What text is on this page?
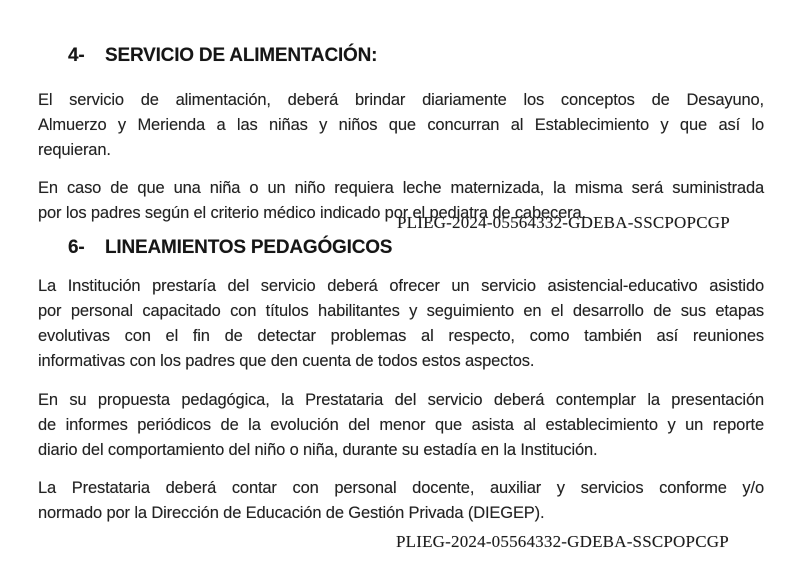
4-	SERVICIO DE ALIMENTACIÓN:
El servicio de alimentación, deberá brindar diariamente los conceptos de Desayuno,
Almuerzo y Merienda a las niñas y niños que concurran al Establecimiento y que así lo
requieran.
En caso de que una niña o un niño requiera leche maternizada, la misma será suministrada
por los padres según el criterio médico indicado por el pediatra de cabecera.
6-	LINEAMIENTOS PEDAGÓGICOS
La Institución prestaría del servicio deberá ofrecer un servicio asistencial-educativo asistido
por personal capacitado con títulos habilitantes y seguimiento en el desarrollo de sus etapas
evolutivas con el fin de detectar problemas al respecto, como también así reuniones
informativas con los padres que den cuenta de todos estos aspectos.
En su propuesta pedagógica, la Prestataria del servicio deberá contemplar la presentación
de informes periódicos de la evolución del menor que asista al establecimiento y un reporte
diario del comportamiento del niño o niña, durante su estadía en la Institución.
La Prestataria deberá contar con personal docente, auxiliar y servicios conforme y/o
normado por la Dirección de Educación de Gestión Privada (DIEGEP).
PLIEG-2024-05564332-GDEBA-SSCPOPCGP
PLIEG-2024-05564332-GDEBA-SSCPOPCGP
